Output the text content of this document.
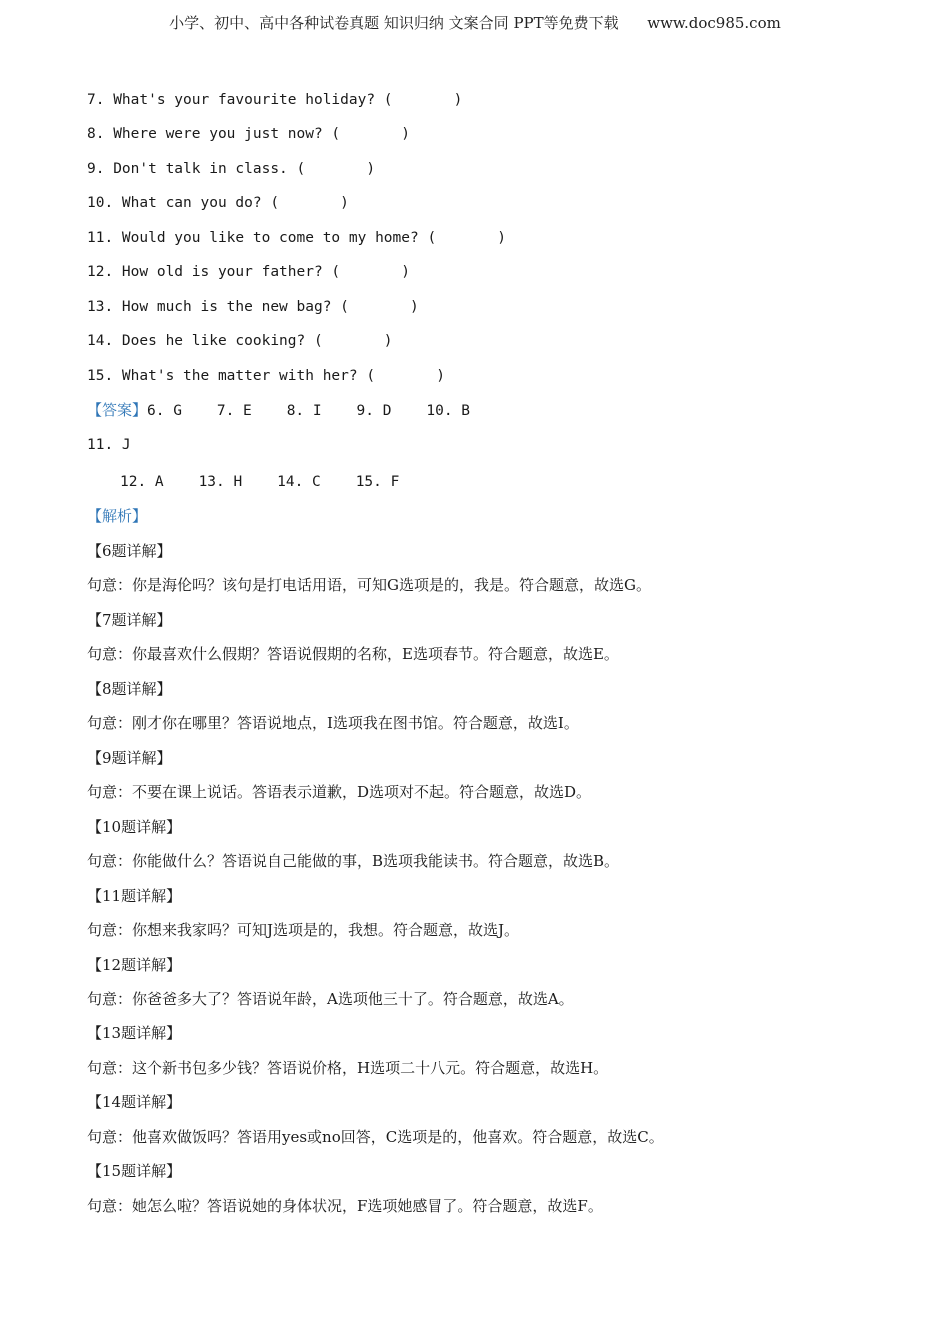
小学、初中、高中各种试卷真题 知识归纳 文案合同 PPT等免费下载      www.doc985.com
7. What's your favourite holiday? (       )
8. Where were you just now? (       )
9. Don't talk in class. (       )
10. What can you do? (       )
11. Would you like to come to my home? (       )
12. How old is your father? (       )
13. How much is the new bag? (       )
14. Does he like cooking? (       )
15. What's the matter with her? (       )
【答案】6. G    7. E    8. I    9. D    10. B
11. J
12. A    13. H    14. C    15. F
【解析】
【6题详解】
句意：你是海伦吗？该句是打电话用语，可知G选项是的，我是。符合题意，故选G。
【7题详解】
句意：你最喜欢什么假期？答语说假期的名称，E选项春节。符合题意，故选E。
【8题详解】
句意：刚才你在哪里？答语说地点，I选项我在图书馆。符合题意，故选I。
【9题详解】
句意：不要在课上说话。答语表示道歉，D选项对不起。符合题意，故选D。
【10题详解】
句意：你能做什么？答语说自己能做的事，B选项我能读书。符合题意，故选B。
【11题详解】
句意：你想来我家吗？可知J选项是的，我想。符合题意，故选J。
【12题详解】
句意：你爸爸多大了？答语说年龄，A选项他三十了。符合题意，故选A。
【13题详解】
句意：这个新书包多少钱？答语说价格，H选项二十八元。符合题意，故选H。
【14题详解】
句意：他喜欢做饭吗？答语用yes或no回答，C选项是的，他喜欢。符合题意，故选C。
【15题详解】
句意：她怎么啦？答语说她的身体状况，F选项她感冒了。符合题意，故选F。
